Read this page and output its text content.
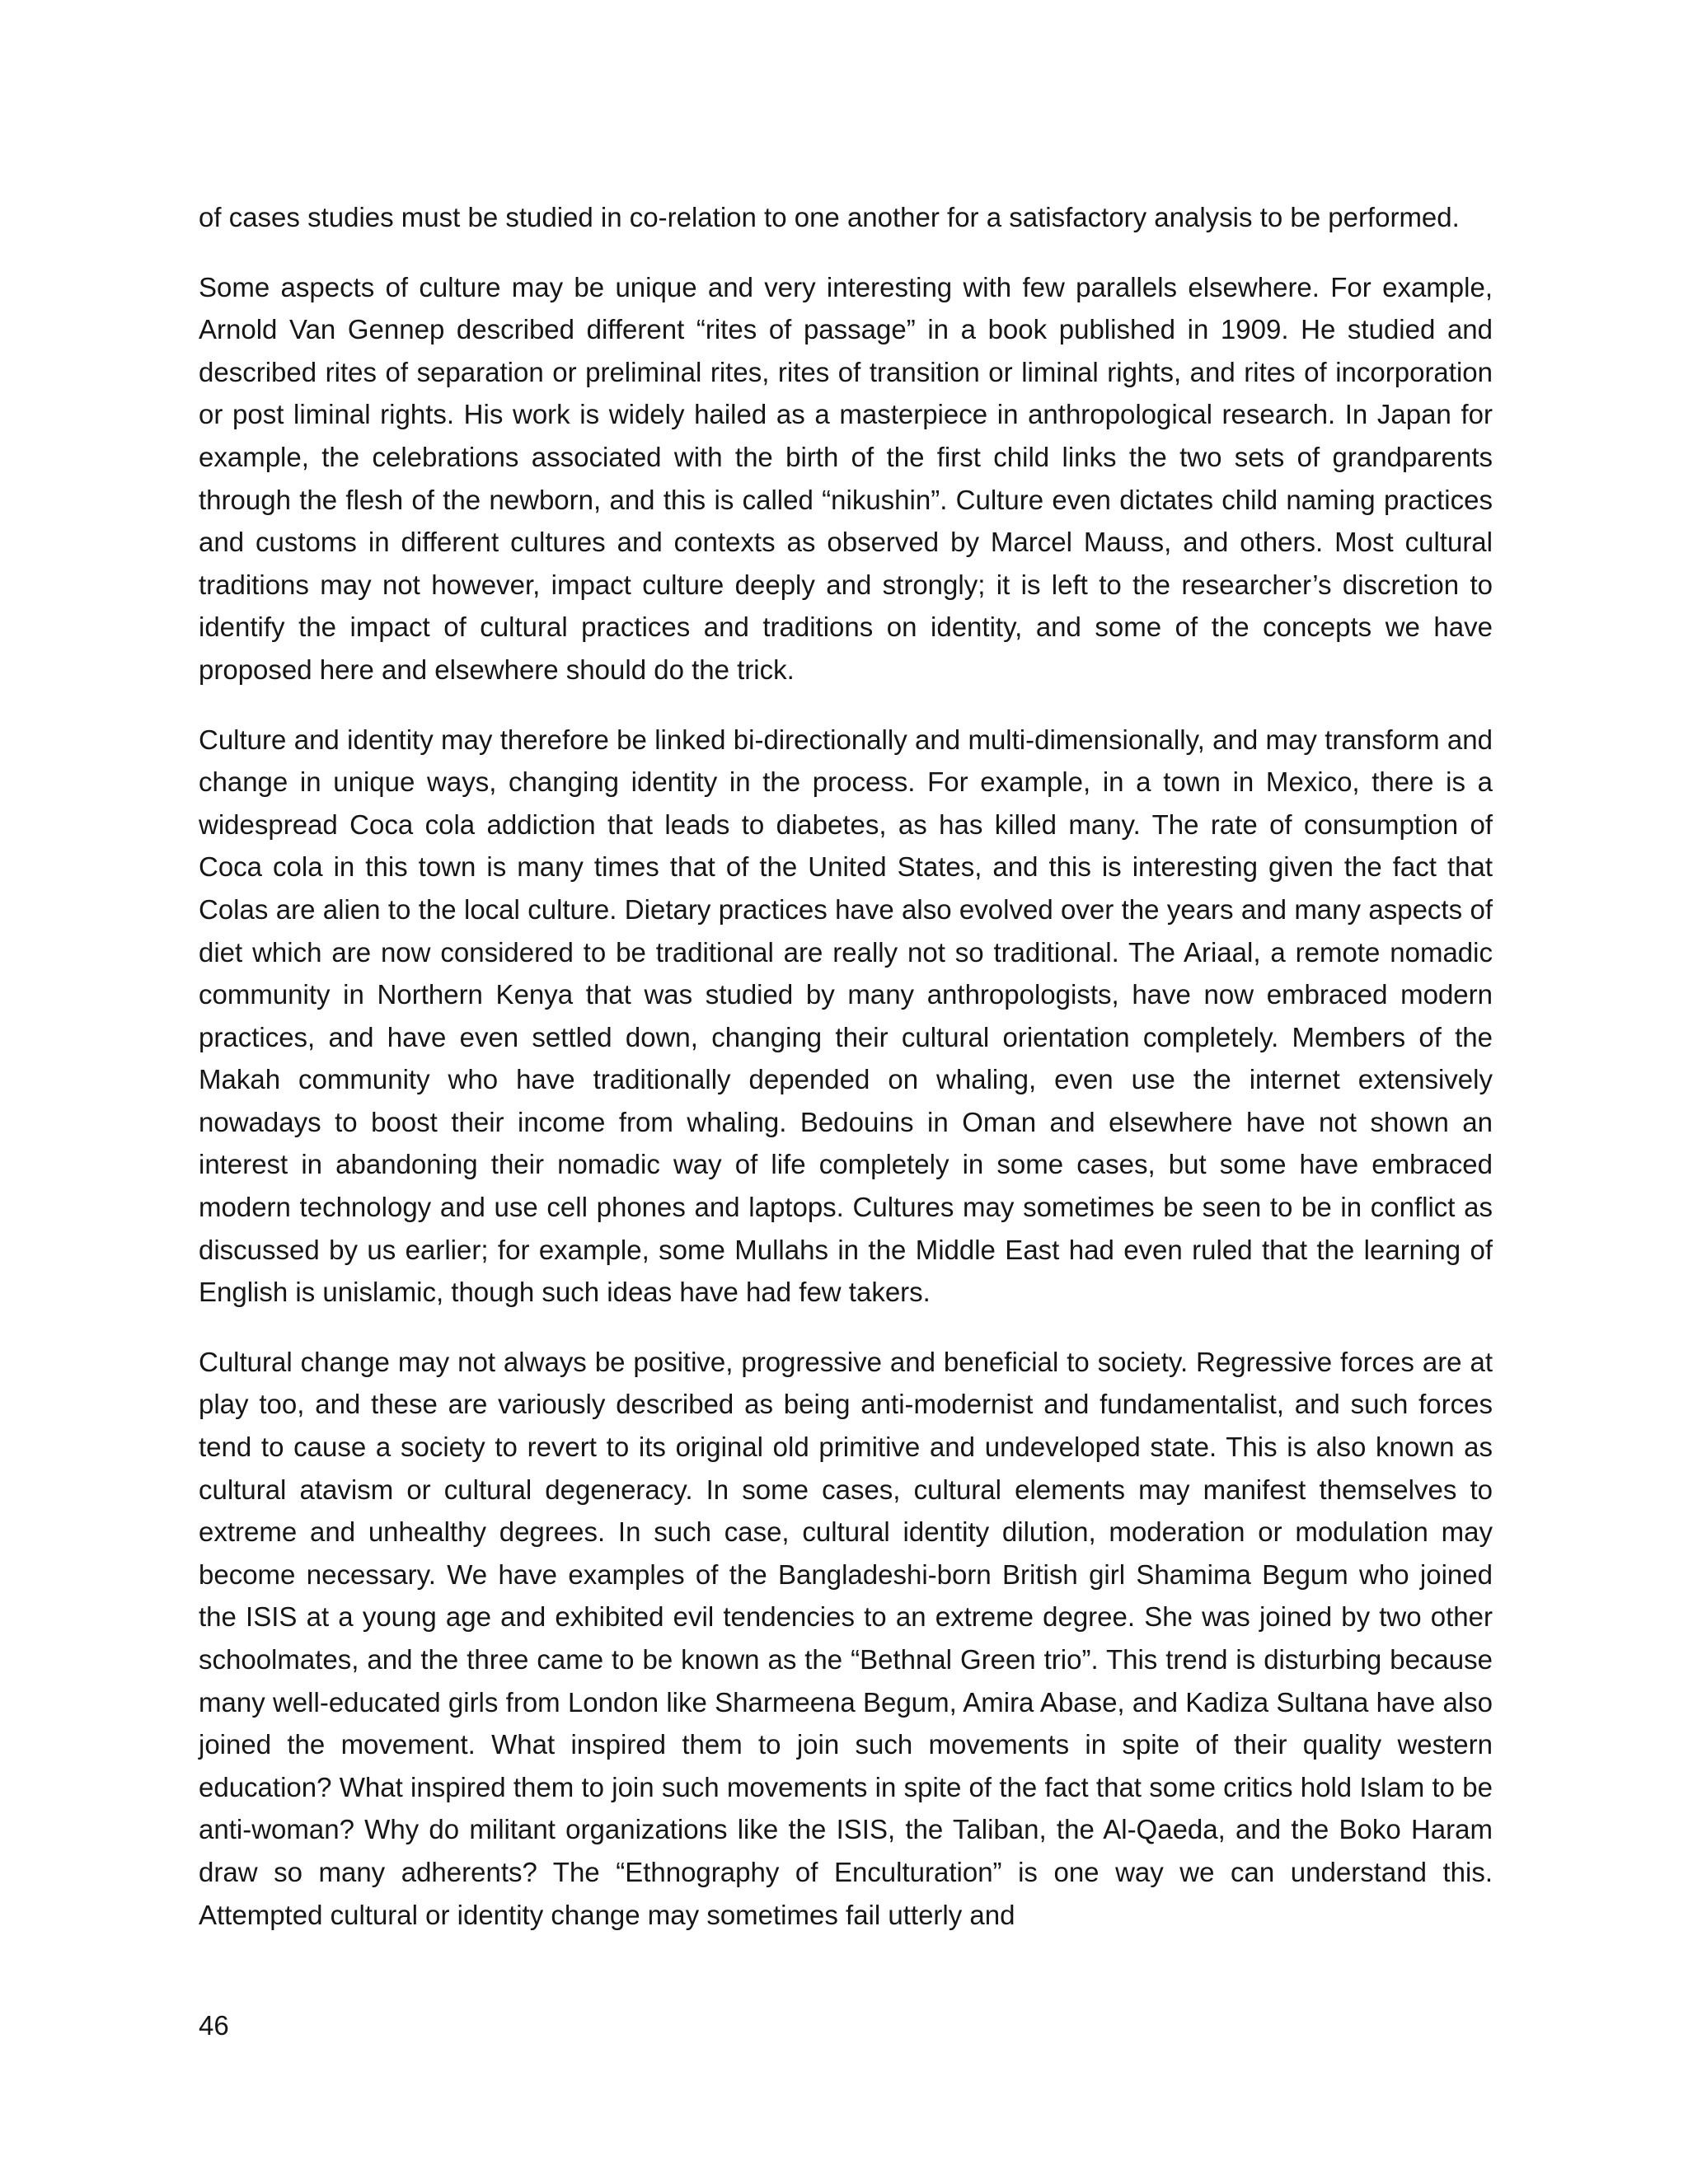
of cases studies must be studied in co-relation to one another for a satisfactory analysis to be performed.

Some aspects of culture may be unique and very interesting with few parallels elsewhere. For example, Arnold Van Gennep described different “rites of passage” in a book published in 1909. He studied and described rites of separation or preliminal rites, rites of transition or liminal rights, and rites of incorporation or post liminal rights. His work is widely hailed as a masterpiece in anthropological research. In Japan for example, the celebrations associated with the birth of the first child links the two sets of grandparents through the flesh of the newborn, and this is called “nikushin”. Culture even dictates child naming practices and customs in different cultures and contexts as observed by Marcel Mauss, and others. Most cultural traditions may not however, impact culture deeply and strongly; it is left to the researcher’s discretion to identify the impact of cultural practices and traditions on identity, and some of the concepts we have proposed here and elsewhere should do the trick.

Culture and identity may therefore be linked bi-directionally and multi-dimensionally, and may transform and change in unique ways, changing identity in the process. For example, in a town in Mexico, there is a widespread Coca cola addiction that leads to diabetes, as has killed many. The rate of consumption of Coca cola in this town is many times that of the United States, and this is interesting given the fact that Colas are alien to the local culture. Dietary practices have also evolved over the years and many aspects of diet which are now considered to be traditional are really not so traditional. The Ariaal, a remote nomadic community in Northern Kenya that was studied by many anthropologists, have now embraced modern practices, and have even settled down, changing their cultural orientation completely. Members of the Makah community who have traditionally depended on whaling, even use the internet extensively nowadays to boost their income from whaling. Bedouins in Oman and elsewhere have not shown an interest in abandoning their nomadic way of life completely in some cases, but some have embraced modern technology and use cell phones and laptops. Cultures may sometimes be seen to be in conflict as discussed by us earlier; for example, some Mullahs in the Middle East had even ruled that the learning of English is unislamic, though such ideas have had few takers.

Cultural change may not always be positive, progressive and beneficial to society. Regressive forces are at play too, and these are variously described as being anti-modernist and fundamentalist, and such forces tend to cause a society to revert to its original old primitive and undeveloped state. This is also known as cultural atavism or cultural degeneracy. In some cases, cultural elements may manifest themselves to extreme and unhealthy degrees. In such case, cultural identity dilution, moderation or modulation may become necessary. We have examples of the Bangladeshi-born British girl Shamima Begum who joined the ISIS at a young age and exhibited evil tendencies to an extreme degree. She was joined by two other schoolmates, and the three came to be known as the “Bethnal Green trio”. This trend is disturbing because many well-educated girls from London like Sharmeena Begum, Amira Abase, and Kadiza Sultana have also joined the movement. What inspired them to join such movements in spite of their quality western education? What inspired them to join such movements in spite of the fact that some critics hold Islam to be anti-woman? Why do militant organizations like the ISIS, the Taliban, the Al-Qaeda, and the Boko Haram draw so many adherents? The “Ethnography of Enculturation” is one way we can understand this. Attempted cultural or identity change may sometimes fail utterly and

46
